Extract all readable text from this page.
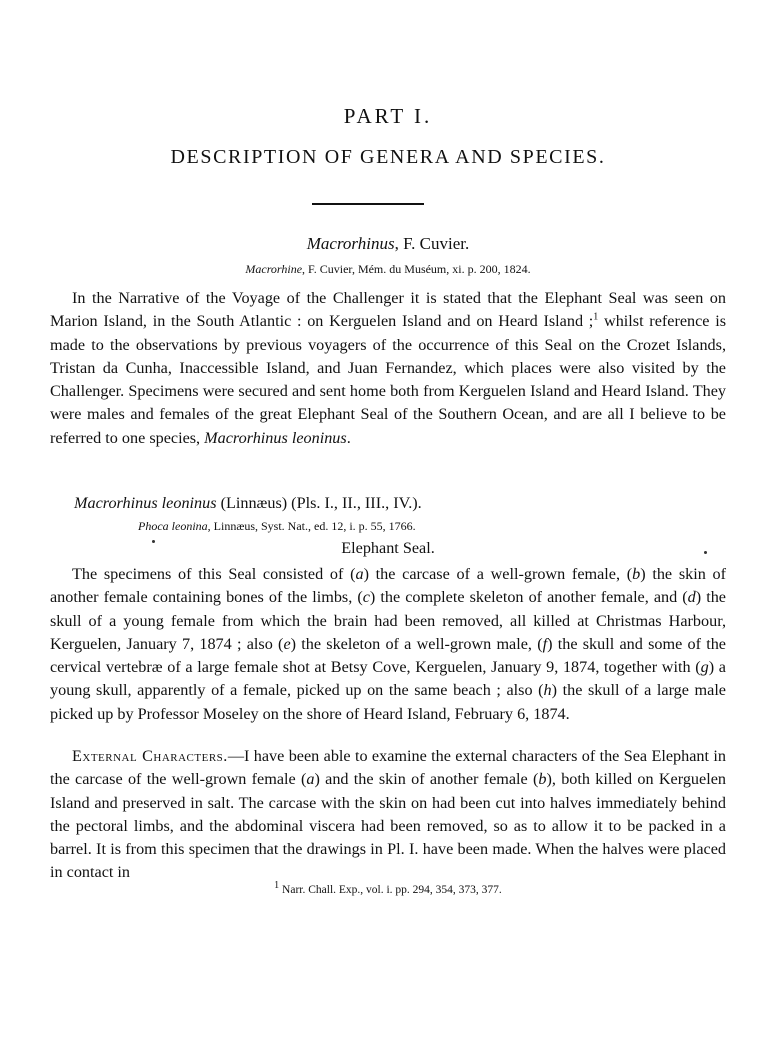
PART I.
DESCRIPTION OF GENERA AND SPECIES.
Macrorhinus, F. Cuvier.
Macrorhine, F. Cuvier, Mém. du Muséum, xi. p. 200, 1824.

In the Narrative of the Voyage of the Challenger it is stated that the Elephant Seal was seen on Marion Island, in the South Atlantic : on Kerguelen Island and on Heard Island ;$^1$ whilst reference is made to the observations by previous voyagers of the occurrence of this Seal on the Crozet Islands, Tristan da Cunha, Inaccessible Island, and Juan Fernandez, which places were also visited by the Challenger. Specimens were secured and sent home both from Kerguelen Island and Heard Island. They were males and females of the great Elephant Seal of the Southern Ocean, and are all I believe to be referred to one species, Macrorhinus leoninus.

Macrorhinus leoninus (Linnæus) (Pls. I., II., III., IV.).
Phoca leonina, Linnæus, Syst. Nat., ed. 12, i. p. 55, 1766.
Elephant Seal.

The specimens of this Seal consisted of (a) the carcase of a well-grown female, (b) the skin of another female containing bones of the limbs, (c) the complete skeleton of another female, and (d) the skull of a young female from which the brain had been removed, all killed at Christmas Harbour, Kerguelen, January 7, 1874 ; also (e) the skeleton of a well-grown male, (f) the skull and some of the cervical vertebræ of a large female shot at Betsy Cove, Kerguelen, January 9, 1874, together with (g) a young skull, apparently of a female, picked up on the same beach ; also (h) the skull of a large male picked up by Professor Moseley on the shore of Heard Island, February 6, 1874.

External Characters.—I have been able to examine the external characters of the Sea Elephant in the carcase of the well-grown female (a) and the skin of another female (b), both killed on Kerguelen Island and preserved in salt. The carcase with the skin on had been cut into halves immediately behind the pectoral limbs, and the abdominal viscera had been removed, so as to allow it to be packed in a barrel. It is from this specimen that the drawings in Pl. I. have been made. When the halves were placed in contact in

$^1$ Narr. Chall. Exp., vol. i. pp. 294, 354, 373, 377.
